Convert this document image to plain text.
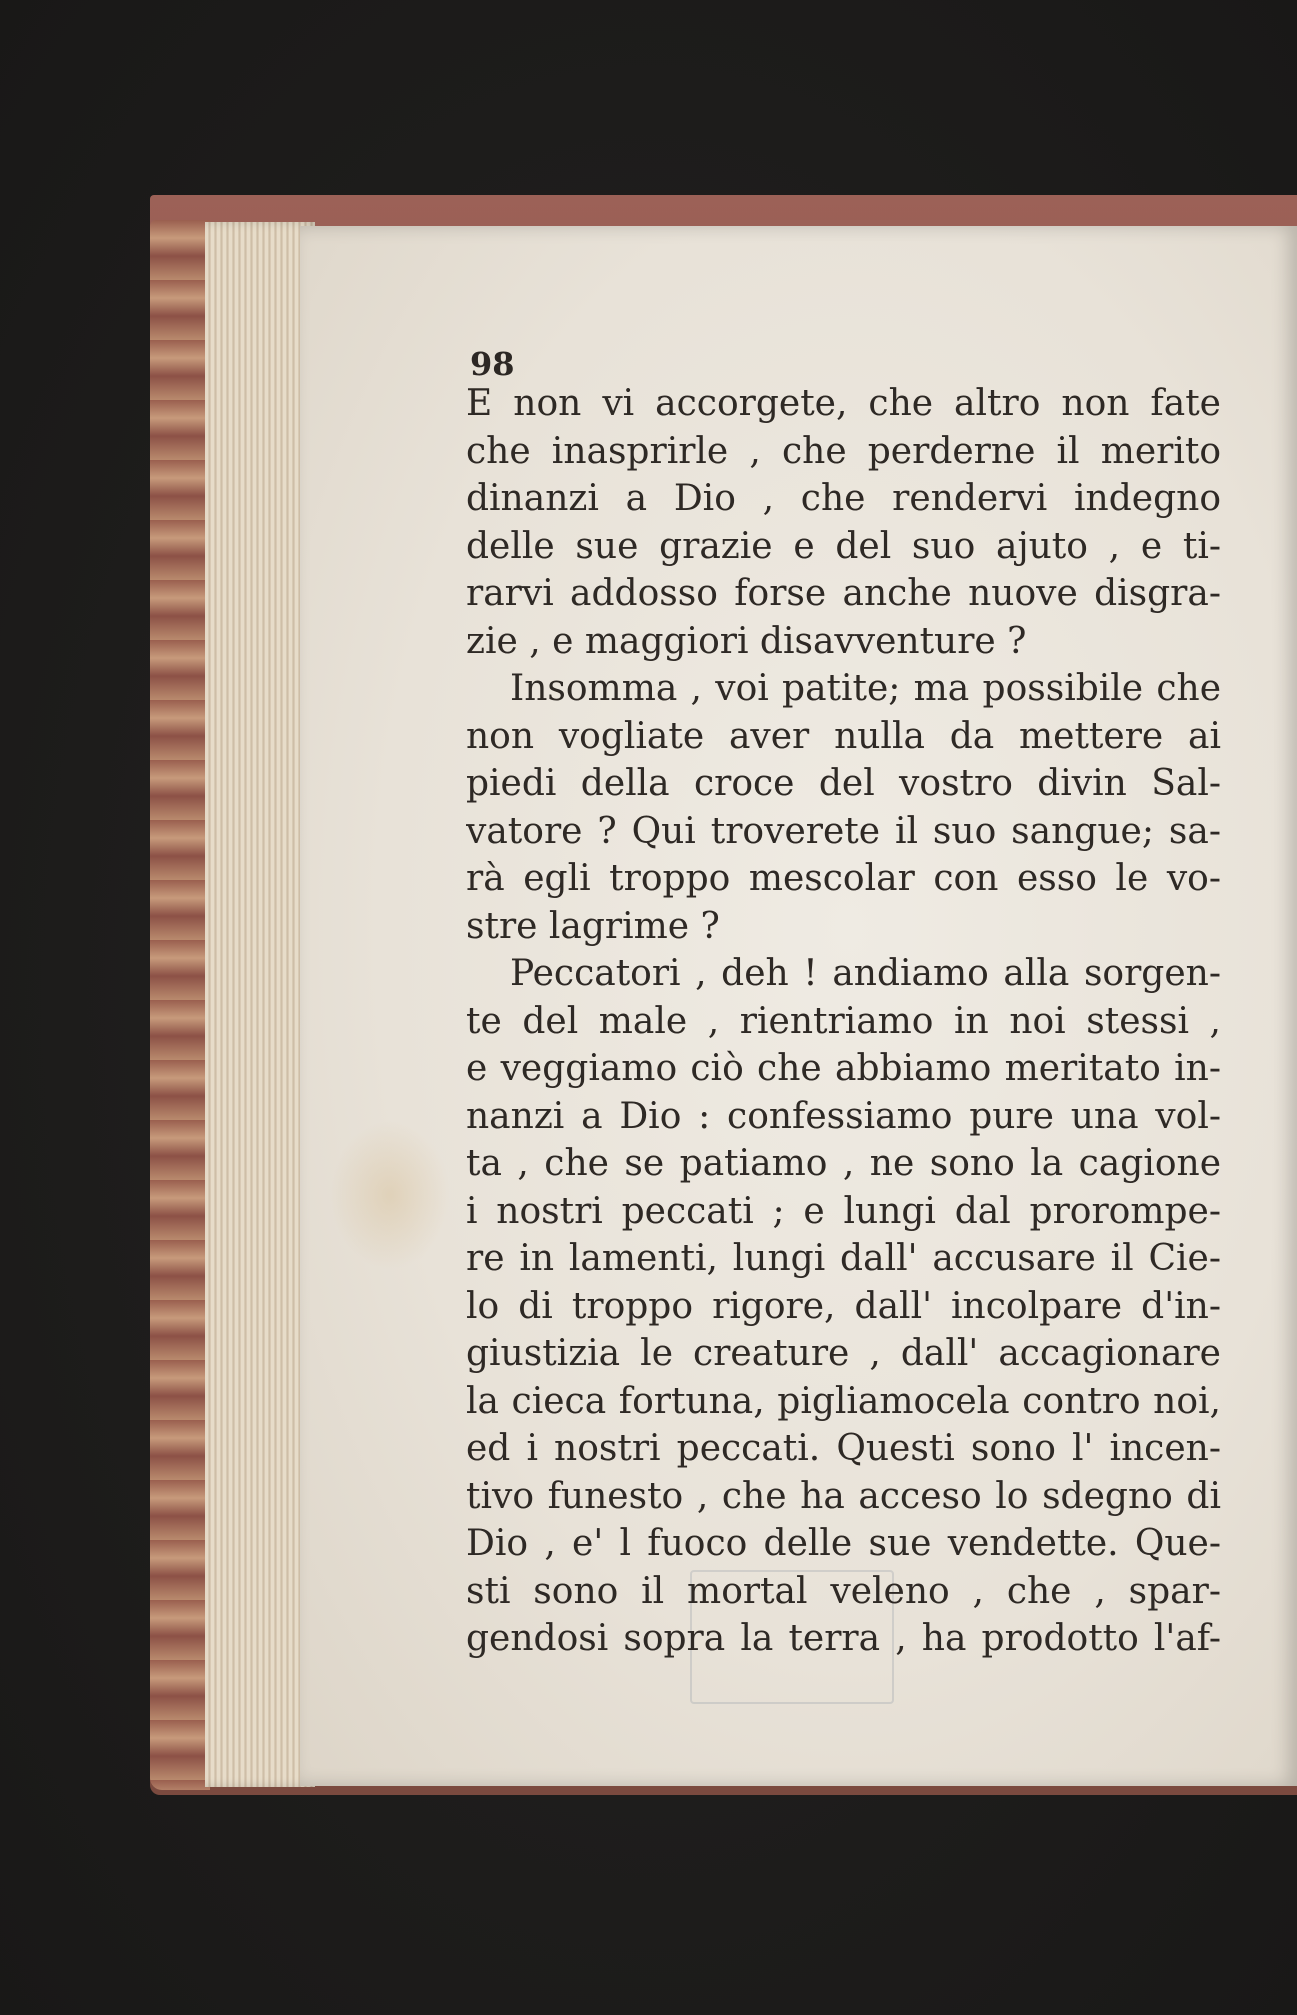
98

E non vi accorgete, che altro non fate
che inasprirle , che perderne il merito
dinanzi a Dio , che rendervi indegno
delle sue grazie e del suo ajuto , e ti-
rarvi addosso forse anche nuove disgra-
zie , e maggiori disavventure ?
Insomma , voi patite; ma possibile che
non vogliate aver nulla da mettere ai
piedi della croce del vostro divin Sal-
vatore ? Qui troverete il suo sangue; sa-
rà egli troppo mescolar con esso le vo-
stre lagrime ?
Peccatori , deh ! andiamo alla sorgen-
te del male , rientriamo in noi stessi ,
e veggiamo ciò che abbiamo meritato in-
nanzi a Dio : confessiamo pure una vol-
ta , che se patiamo , ne sono la cagione
i nostri peccati ; e lungi dal prorompe-
re in lamenti, lungi dall' accusare il Cie-
lo di troppo rigore, dall' incolpare d'in-
giustizia le creature , dall' accagionare
la cieca fortuna, pigliamocela contro noi,
ed i nostri peccati. Questi sono l' incen-
tivo funesto , che ha acceso lo sdegno di
Dio , e' l fuoco delle sue vendette. Que-
sti sono il mortal veleno , che , spar-
gendosi sopra la terra , ha prodotto l'af-
